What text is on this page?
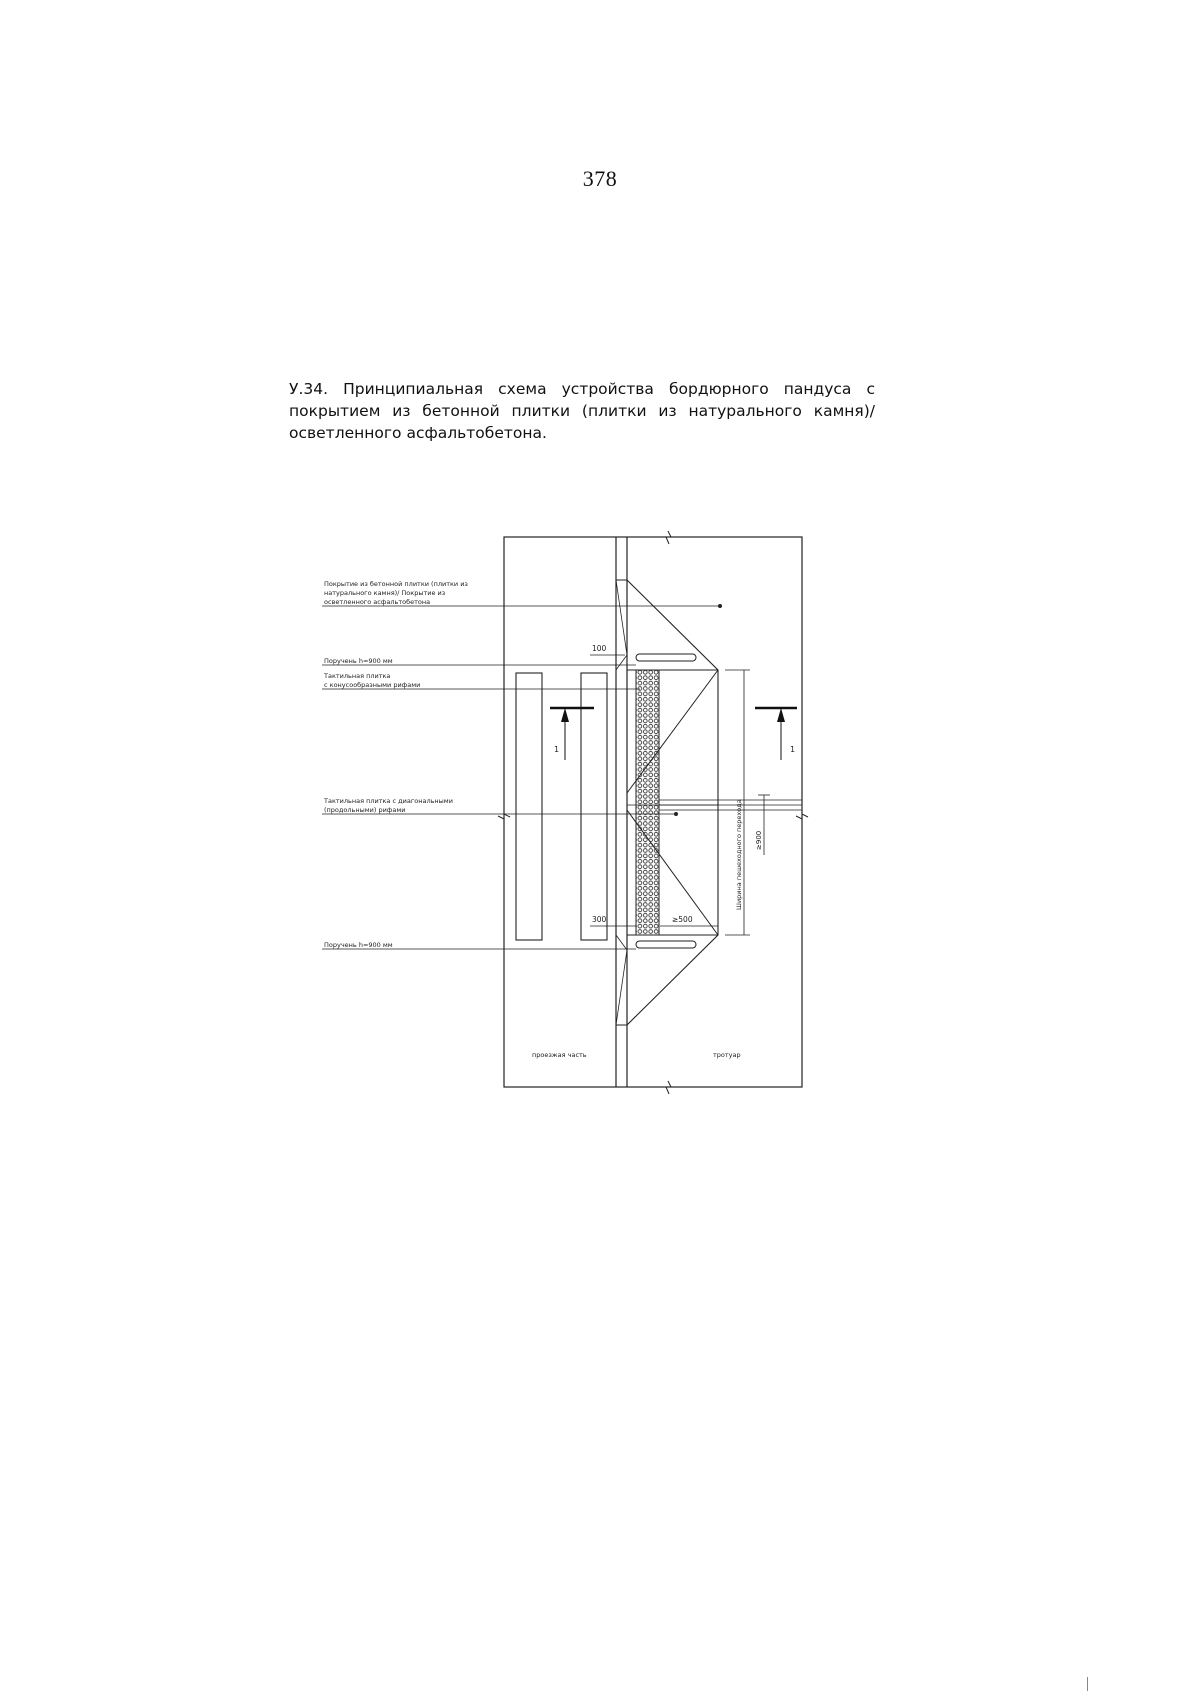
378
У.34. Принципиальная схема устройства бордюрного пандуса с покрытием из бетонной плитки (плитки из натурального камня)/ осветленного асфальтобетона.
1	1
Ширина пешеходного перехода ≥900
100
300	≥500
Покрытие из бетонной плитки (плитки из
натурального камня)/ Покрытие из
осветленного асфальтобетона
Поручень h=900 мм
Тактильная плитка
с конусообразными рифами
Тактильная плитка с диагональными
(продольными) рифами
Поручень h=900 мм
проезжая часть	тротуар
